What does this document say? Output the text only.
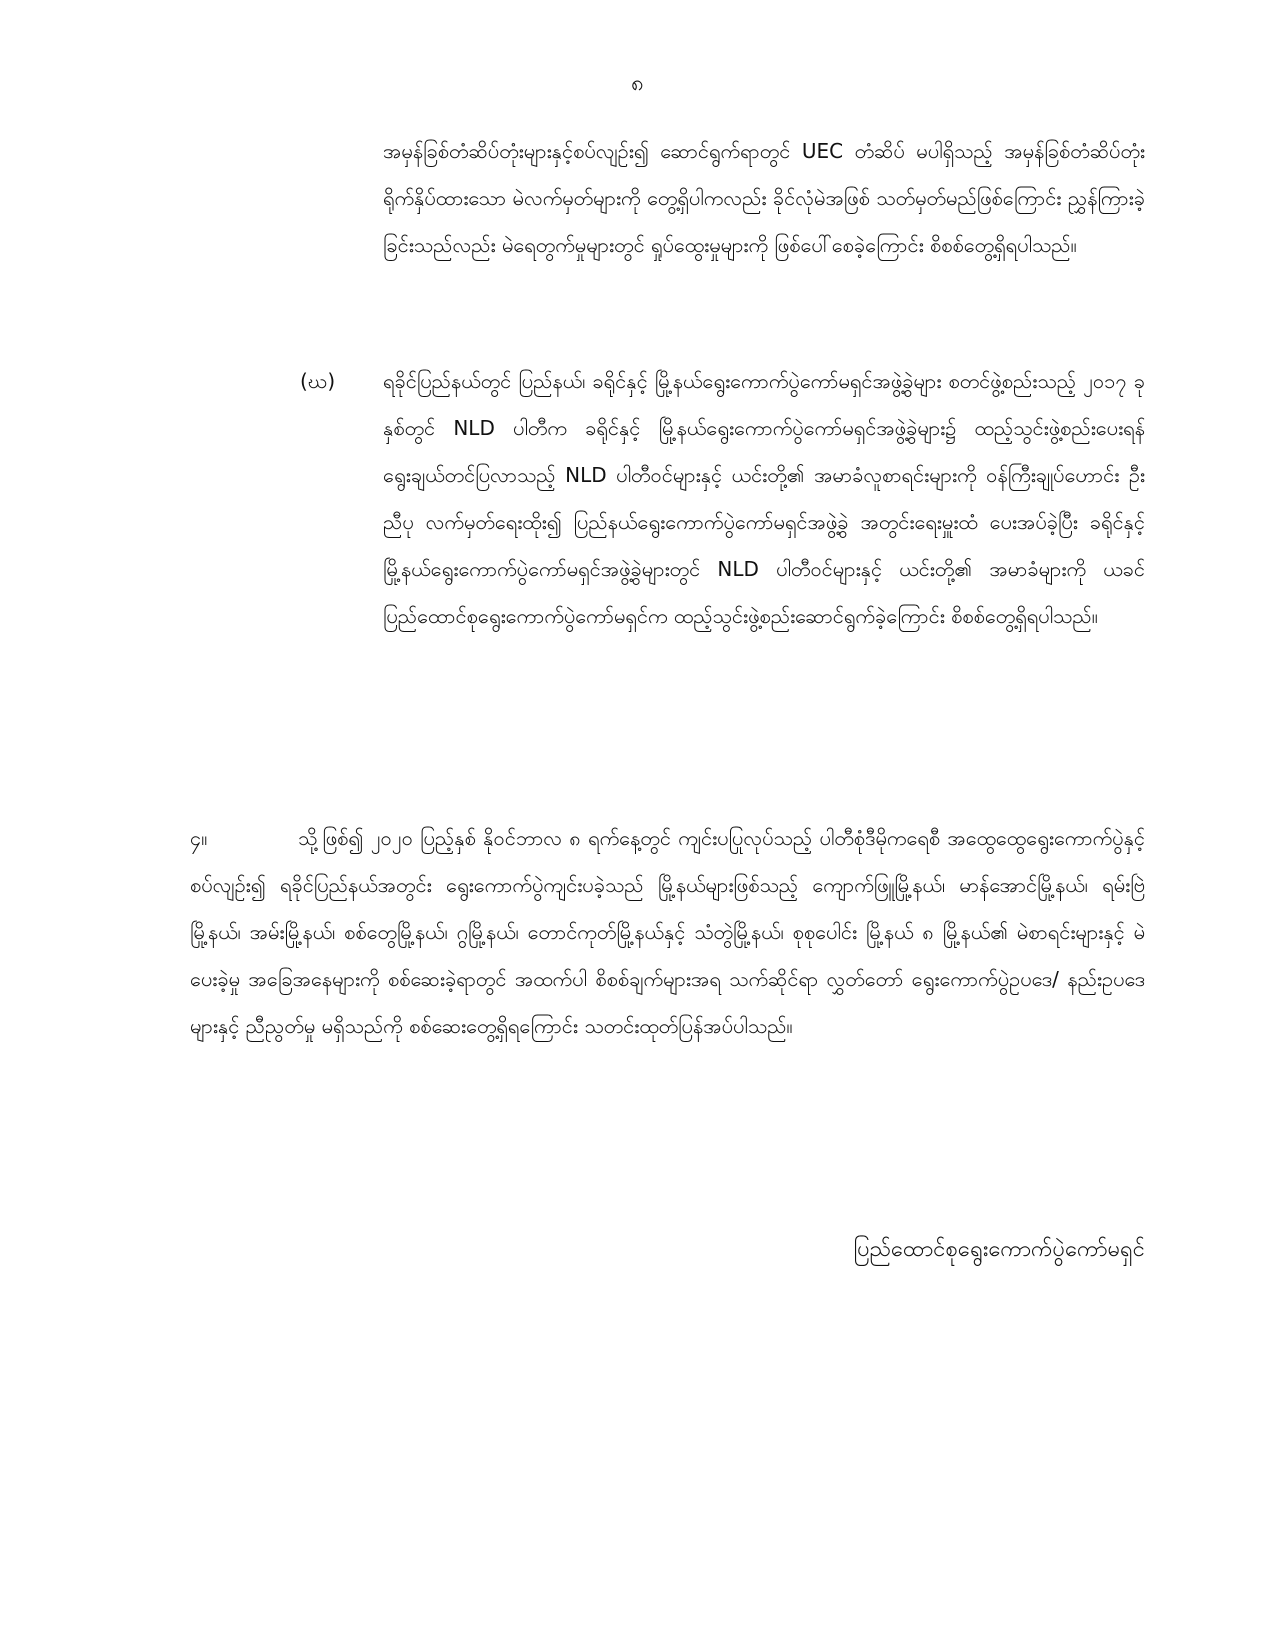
၈
အမှန်ခြစ်တံဆိပ်တုံးများနှင့်စပ်လျဉ်း၍ ဆောင်ရွက်ရာတွင် UEC တံဆိပ် မပါရှိသည့် အမှန်ခြစ်တံဆိပ်တုံး ရိုက်နှိပ်ထားသော မဲလက်မှတ်များကို တွေ့ရှိပါကလည်း ခိုင်လုံမဲအဖြစ် သတ်မှတ်မည်ဖြစ်ကြောင်း ညွှန်ကြားခဲ့ခြင်းသည်လည်း မဲရေတွက်မှုများတွင် ရှုပ်ထွေးမှုများကို ဖြစ်ပေါ်စေခဲ့ကြောင်း စိစစ်တွေ့ရှိရပါသည်။
(ဃ) ရခိုင်ပြည်နယ်တွင် ပြည်နယ်၊ ခရိုင်နှင့် မြို့နယ်ရွေးကောက်ပွဲကော်မရှင်အဖွဲ့ခွဲများ စတင်ဖွဲ့စည်းသည့် ၂၀၁၇ ခုနှစ်တွင် NLD ပါတီက ခရိုင်နှင့် မြို့နယ်ရွေးကောက်ပွဲကော်မရှင်အဖွဲ့ခွဲများ၌ ထည့်သွင်းဖွဲ့စည်းပေးရန် ရွေးချယ်တင်ပြလာသည့် NLD ပါတီဝင်များနှင့် ယင်းတို့၏ အမာခံလူစာရင်းများကို ဝန်ကြီးချုပ်ဟောင်း ဦးညီပု လက်မှတ်ရေးထိုး၍ ပြည်နယ်ရွေးကောက်ပွဲကော်မရှင်အဖွဲ့ခွဲ အတွင်းရေးမှူးထံ ပေးအပ်ခဲ့ပြီး ခရိုင်နှင့် မြို့နယ်ရွေးကောက်ပွဲကော်မရှင်အဖွဲ့ခွဲများတွင် NLD ပါတီဝင်များနှင့် ယင်းတို့၏ အမာခံများကို ယခင် ပြည်ထောင်စုရွေးကောက်ပွဲကော်မရှင်က ထည့်သွင်းဖွဲ့စည်းဆောင်ရွက်ခဲ့ကြောင်း စိစစ်တွေ့ရှိရပါသည်။
၄။	သို့ဖြစ်၍ ၂၀၂၀ ပြည့်နှစ် နိုဝင်ဘာလ ၈ ရက်နေ့တွင် ကျင်းပပြုလုပ်သည့် ပါတီစုံဒီမိုကရေစီ အထွေထွေရွေးကောက်ပွဲနှင့်စပ်လျဉ်း၍ ရခိုင်ပြည်နယ်အတွင်း ရွေးကောက်ပွဲကျင်းပခဲ့သည် မြို့နယ်များဖြစ်သည့် ကျောက်ဖြူမြို့နယ်၊ မာန်အောင်မြို့နယ်၊ ရမ်းဗြဲမြို့နယ်၊ အမ်းမြို့နယ်၊ စစ်တွေမြို့နယ်၊ ဂွမြို့နယ်၊ တောင်ကုတ်မြို့နယ်နှင့် သံတွဲမြို့နယ်၊ စုစုပေါင်း မြို့နယ် ၈ မြို့နယ်၏ မဲစာရင်းများနှင့် မဲပေးခဲ့မှု အခြေအနေများကို စစ်ဆေးခဲ့ရာတွင် အထက်ပါ စိစစ်ချက်များအရ သက်ဆိုင်ရာ လွှတ်တော် ရွေးကောက်ပွဲဥပဒေ/ နည်းဥပဒေများနှင့် ညီညွတ်မှု မရှိသည်ကို စစ်ဆေးတွေ့ရှိရကြောင်း သတင်းထုတ်ပြန်အပ်ပါသည်။
ပြည်ထောင်စုရွေးကောက်ပွဲကော်မရှင်
